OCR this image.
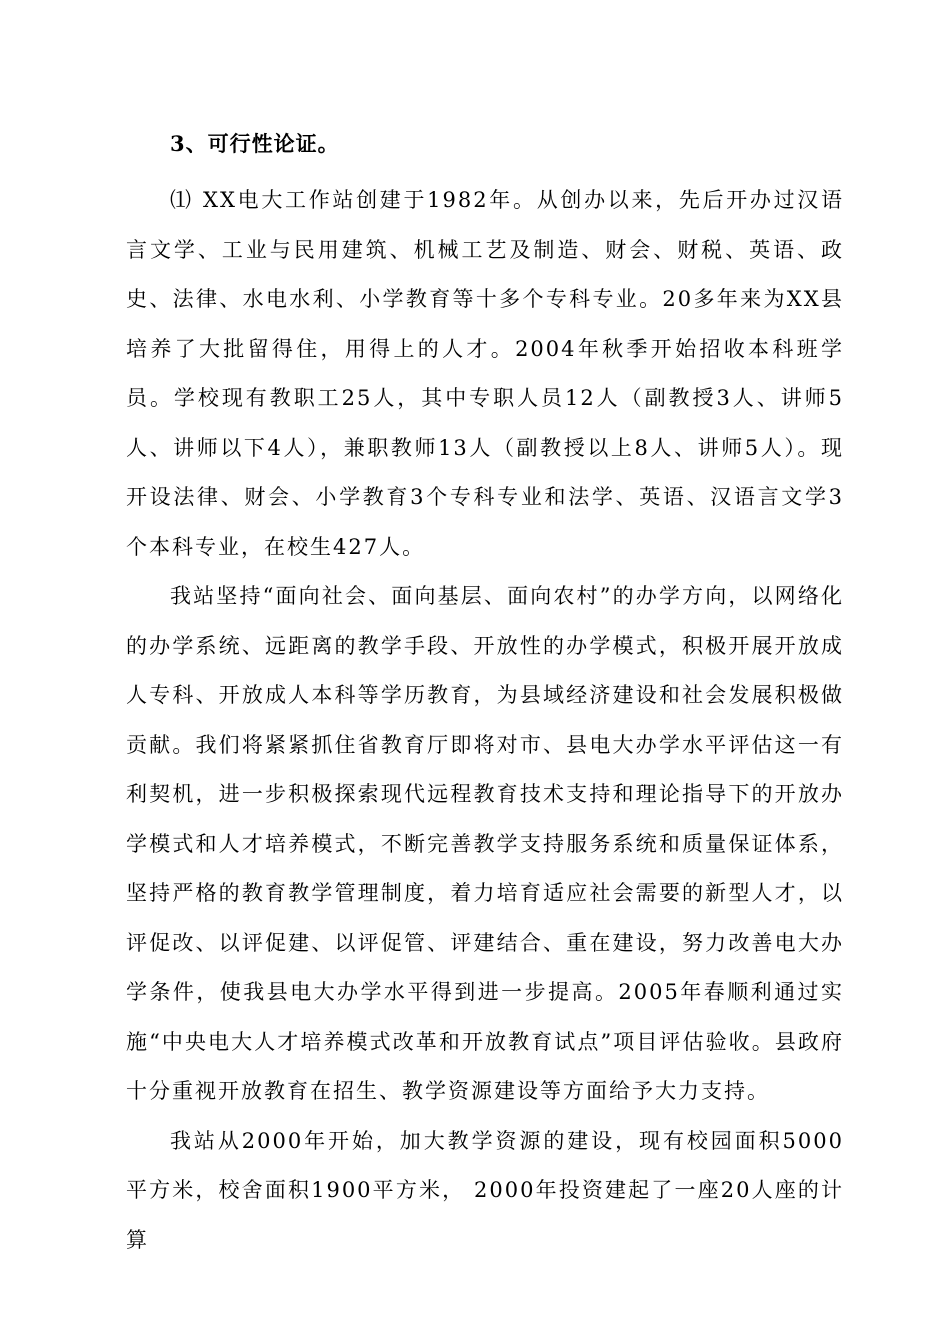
3、可行性论证。

⑴ XX电大工作站创建于1982年。从创办以来，先后开办过汉语言文学、工业与民用建筑、机械工艺及制造、财会、财税、英语、政史、法律、水电水利、小学教育等十多个专科专业。20多年来为XX县培养了大批留得住，用得上的人才。2004年秋季开始招收本科班学员。学校现有教职工25人，其中专职人员12人（副教授3人、讲师5人、讲师以下4人），兼职教师13人（副教授以上8人、讲师5人）。现开设法律、财会、小学教育3个专科专业和法学、英语、汉语言文学3个本科专业，在校生427人。

我站坚持“面向社会、面向基层、面向农村”的办学方向，以网络化的办学系统、远距离的教学手段、开放性的办学模式，积极开展开放成人专科、开放成人本科等学历教育，为县域经济建设和社会发展积极做贡献。我们将紧紧抓住省教育厅即将对市、县电大办学水平评估这一有利契机，进一步积极探索现代远程教育技术支持和理论指导下的开放办学模式和人才培养模式，不断完善教学支持服务系统和质量保证体系，坚持严格的教育教学管理制度，着力培育适应社会需要的新型人才，以评促改、以评促建、以评促管、评建结合、重在建设，努力改善电大办学条件，使我县电大办学水平得到进一步提高。2005年春顺利通过实施“中央电大人才培养模式改革和开放教育试点”项目评估验收。县政府十分重视开放教育在招生、教学资源建设等方面给予大力支持。

我站从2000年开始，加大教学资源的建设，现有校园面积5000平方米，校舍面积1900平方米， 2000年投资建起了一座20人座的计算
